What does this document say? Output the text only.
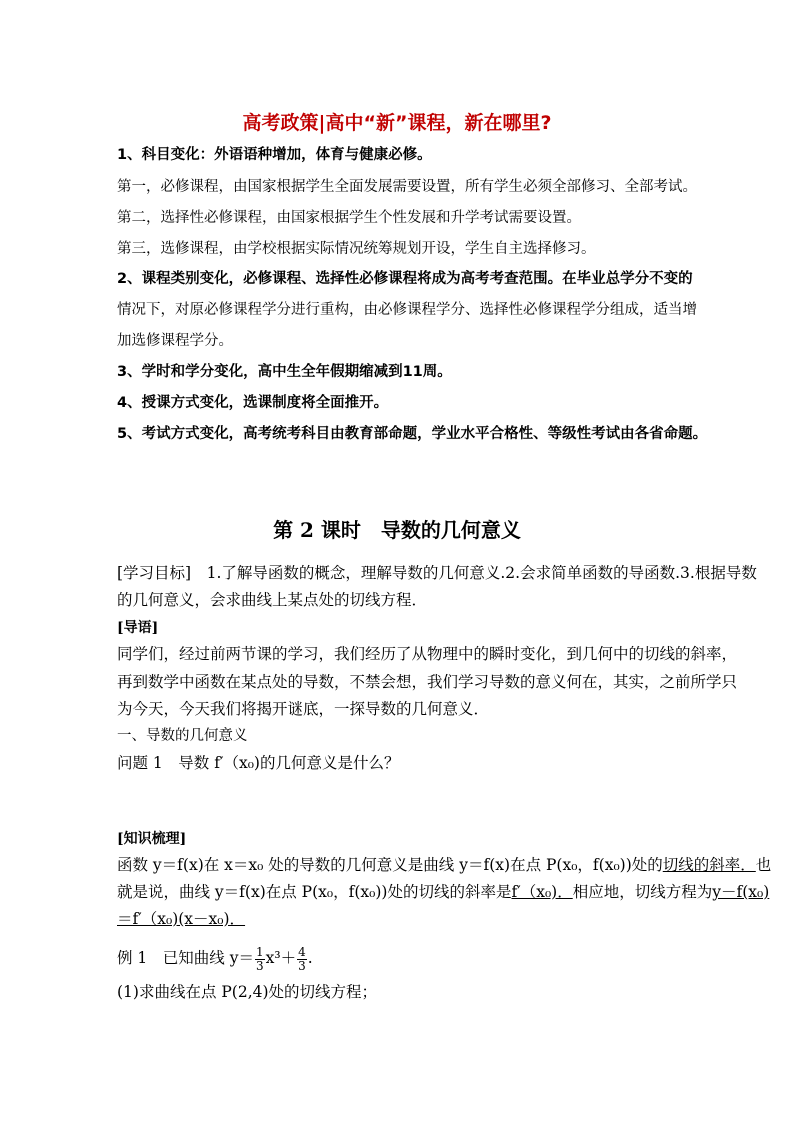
高考政策|高中“新”课程，新在哪里?
1、科目变化：外语语种增加，体育与健康必修。
第一，必修课程，由国家根据学生全面发展需要设置，所有学生必须全部修习、全部考试。
第二，选择性必修课程，由国家根据学生个性发展和升学考试需要设置。
第三，选修课程，由学校根据实际情况统筹规划开设，学生自主选择修习。
2、课程类别变化，必修课程、选择性必修课程将成为高考考查范围。在毕业总学分不变的
情况下，对原必修课程学分进行重构，由必修课程学分、选择性必修课程学分组成，适当增
加选修课程学分。
3、学时和学分变化，高中生全年假期缩减到11周。
4、授课方式变化，选课制度将全面推开。
5、考试方式变化，高考统考科目由教育部命题，学业水平合格性、等级性考试由各省命题。
第 2 课时　导数的几何意义
[学习目标]　1.了解导函数的概念，理解导数的几何意义.2.会求简单函数的导函数.3.根据导数
的几何意义，会求曲线上某点处的切线方程．
[导语]
同学们，经过前两节课的学习，我们经历了从物理中的瞬时变化，到几何中的切线的斜率，
再到数学中函数在某点处的导数，不禁会想，我们学习导数的意义何在，其实，之前所学只
为今天，今天我们将揭开谜底，一探导数的几何意义．
一、导数的几何意义
问题 1　导数 f′（x₀)的几何意义是什么？
[知识梳理]
函数 y＝f(x)在 x＝x₀ 处的导数的几何意义是曲线 y＝f(x)在点 P(x₀，f(x₀))处的切线的斜率．也
就是说，曲线 y＝f(x)在点 P(x₀，f(x₀))处的切线的斜率是f′（x₀)．相应地，切线方程为y－f(x₀)
＝f′（x₀)(x－x₀)．
例 1　已知曲线 $y= \frac{1}{3} x^3+ \frac{4}{3}$ .
(1)求曲线在点 P(2,4)处的切线方程；
